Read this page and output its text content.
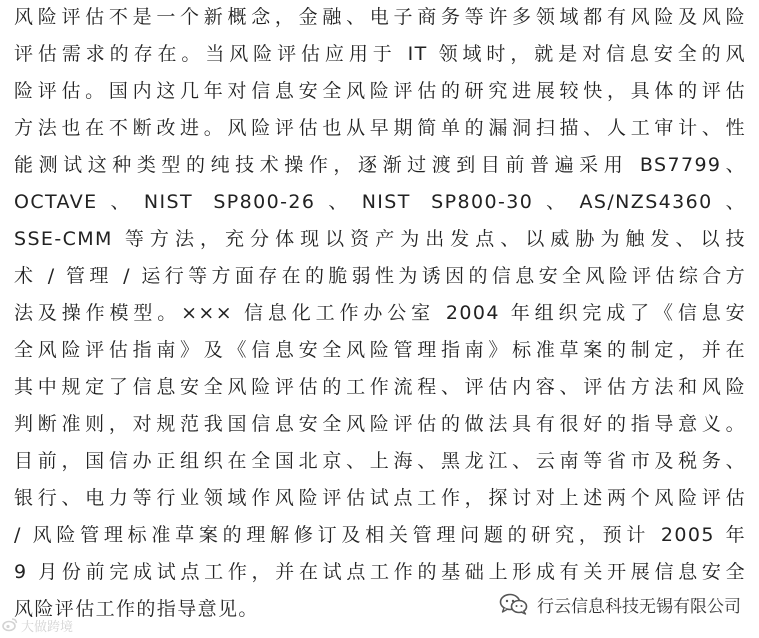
风险评估不是一个新概念，金融、电子商务等许多领域都有风险及风险
评估需求的存在。当风险评估应用于 IT 领域时，就是对信息安全的风
险评估。国内这几年对信息安全风险评估的研究进展较快，具体的评估
方法也在不断改进。风险评估也从早期简单的漏洞扫描、人工审计、性
能测试这种类型的纯技术操作，逐渐过渡到目前普遍采用 BS7799、
OCTAVE、NIST SP800-26、NIST SP800-30、AS/NZS4360、
SSE-CMM 等方法，充分体现以资产为出发点、以威胁为触发、以技
术 / 管理 / 运行等方面存在的脆弱性为诱因的信息安全风险评估综合方
法及操作模型。××× 信息化工作办公室 2004 年组织完成了《信息安
全风险评估指南》及《信息安全风险管理指南》标准草案的制定，并在
其中规定了信息安全风险评估的工作流程、评估内容、评估方法和风险
判断准则，对规范我国信息安全风险评估的做法具有很好的指导意义。
目前，国信办正组织在全国北京、上海、黑龙江、云南等省市及税务、
银行、电力等行业领域作风险评估试点工作，探讨对上述两个风险评估
/ 风险管理标准草案的理解修订及相关管理问题的研究，预计 2005 年
9 月份前完成试点工作，并在试点工作的基础上形成有关开展信息安全
风险评估工作的指导意见。
大做跨境
行云信息科技无锡有限公司
